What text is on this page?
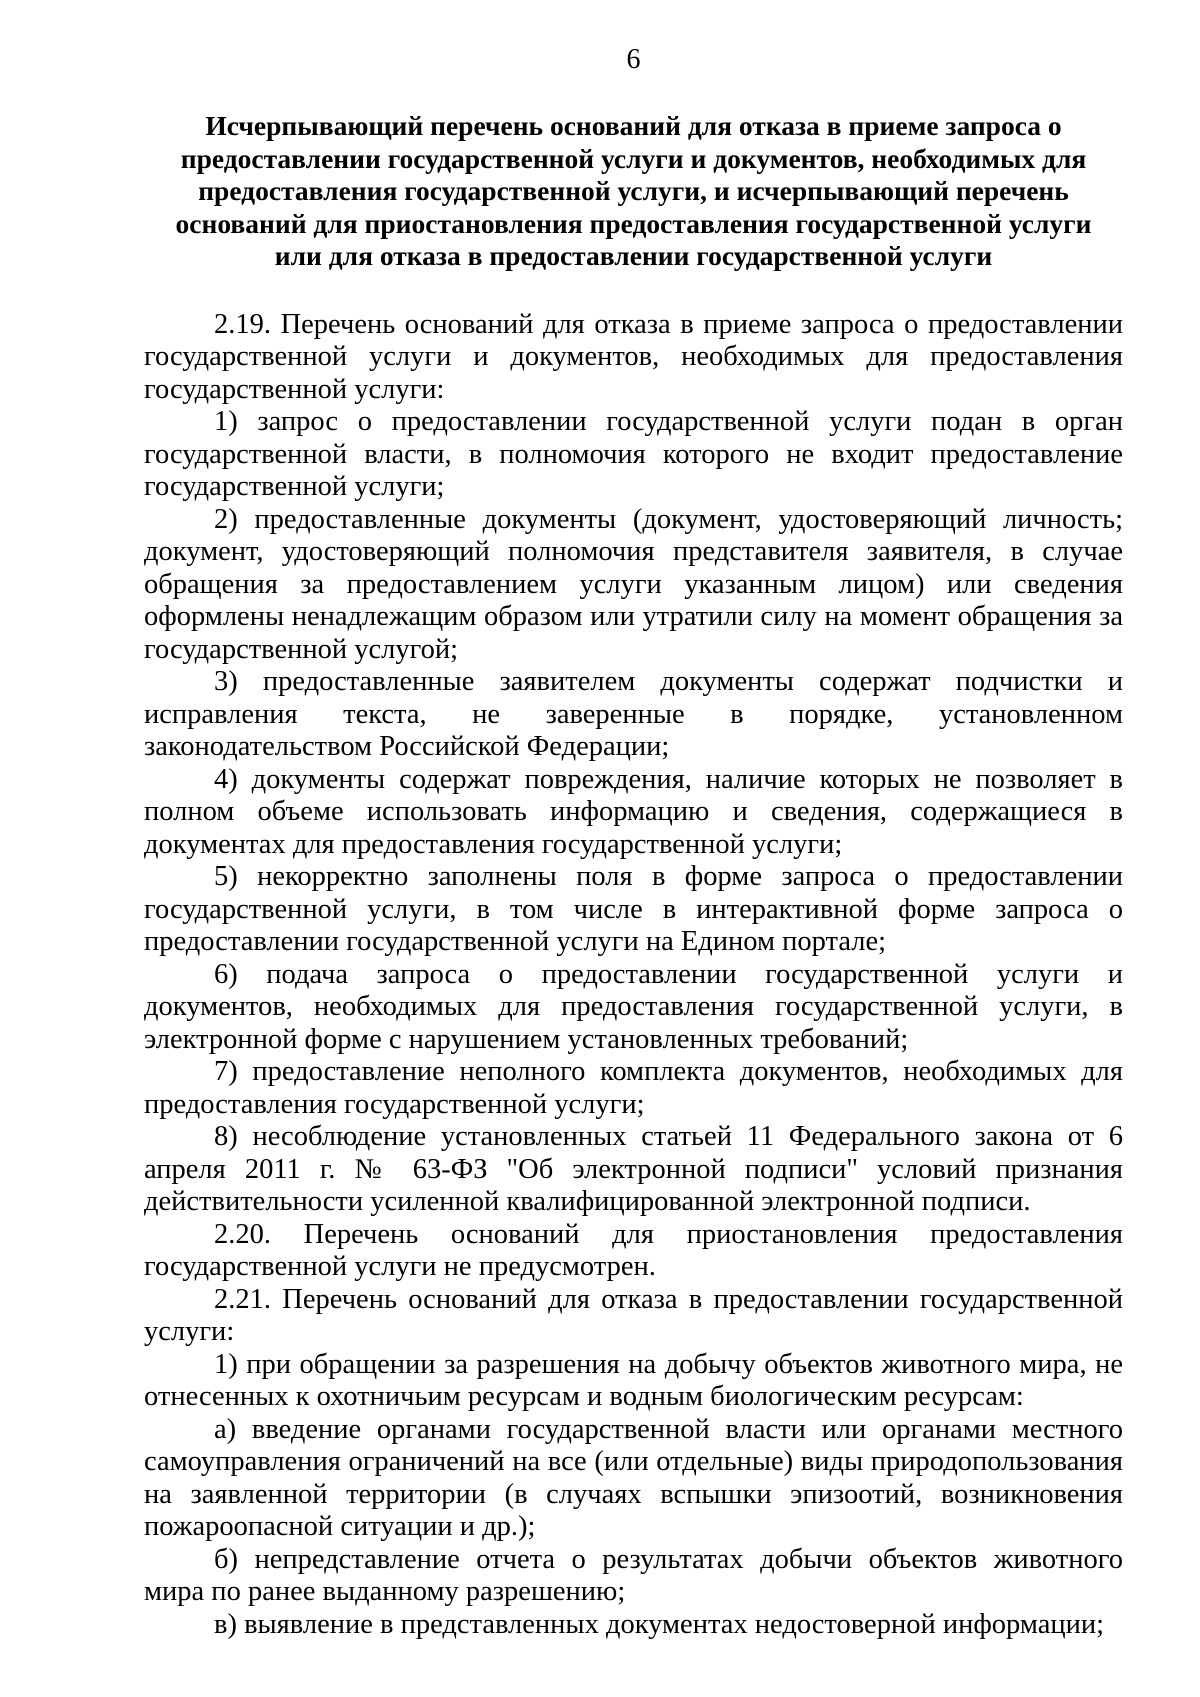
6
Исчерпывающий перечень оснований для отказа в приеме запроса о
предоставлении государственной услуги и документов, необходимых для
предоставления государственной услуги, и исчерпывающий перечень
оснований для приостановления предоставления государственной услуги
или для отказа в предоставлении государственной услуги

2.19. Перечень оснований для отказа в приеме запроса о предоставлении государственной услуги и документов, необходимых для предоставления государственной услуги:

1) запрос о предоставлении государственной услуги подан в орган государственной власти, в полномочия которого не входит предоставление государственной услуги;

2) предоставленные документы (документ, удостоверяющий личность; документ, удостоверяющий полномочия представителя заявителя, в случае обращения за предоставлением услуги указанным лицом) или сведения оформлены ненадлежащим образом или утратили силу на момент обращения за государственной услугой;

3) предоставленные заявителем документы содержат подчистки и исправления текста, не заверенные в порядке, установленном законодательством Российской Федерации;

4) документы содержат повреждения, наличие которых не позволяет в полном объеме использовать информацию и сведения, содержащиеся в документах для предоставления государственной услуги;

5) некорректно заполнены поля в форме запроса о предоставлении государственной услуги, в том числе в интерактивной форме запроса о предоставлении государственной услуги на Едином портале;

6) подача запроса о предоставлении государственной услуги и документов, необходимых для предоставления государственной услуги, в электронной форме с нарушением установленных требований;

7) предоставление неполного комплекта документов, необходимых для предоставления государственной услуги;

8) несоблюдение установленных статьей 11 Федерального закона от 6 апреля 2011 г. № 63-ФЗ "Об электронной подписи" условий признания действительности усиленной квалифицированной электронной подписи.

2.20. Перечень оснований для приостановления предоставления государственной услуги не предусмотрен.

2.21. Перечень оснований для отказа в предоставлении государственной услуги:

1) при обращении за разрешения на добычу объектов животного мира, не отнесенных к охотничьим ресурсам и водным биологическим ресурсам:

а) введение органами государственной власти или органами местного самоуправления ограничений на все (или отдельные) виды природопользования на заявленной территории (в случаях вспышки эпизоотий, возникновения пожароопасной ситуации и др.);

б) непредставление отчета о результатах добычи объектов животного мира по ранее выданному разрешению;

в) выявление в представленных документах недостоверной информации;
